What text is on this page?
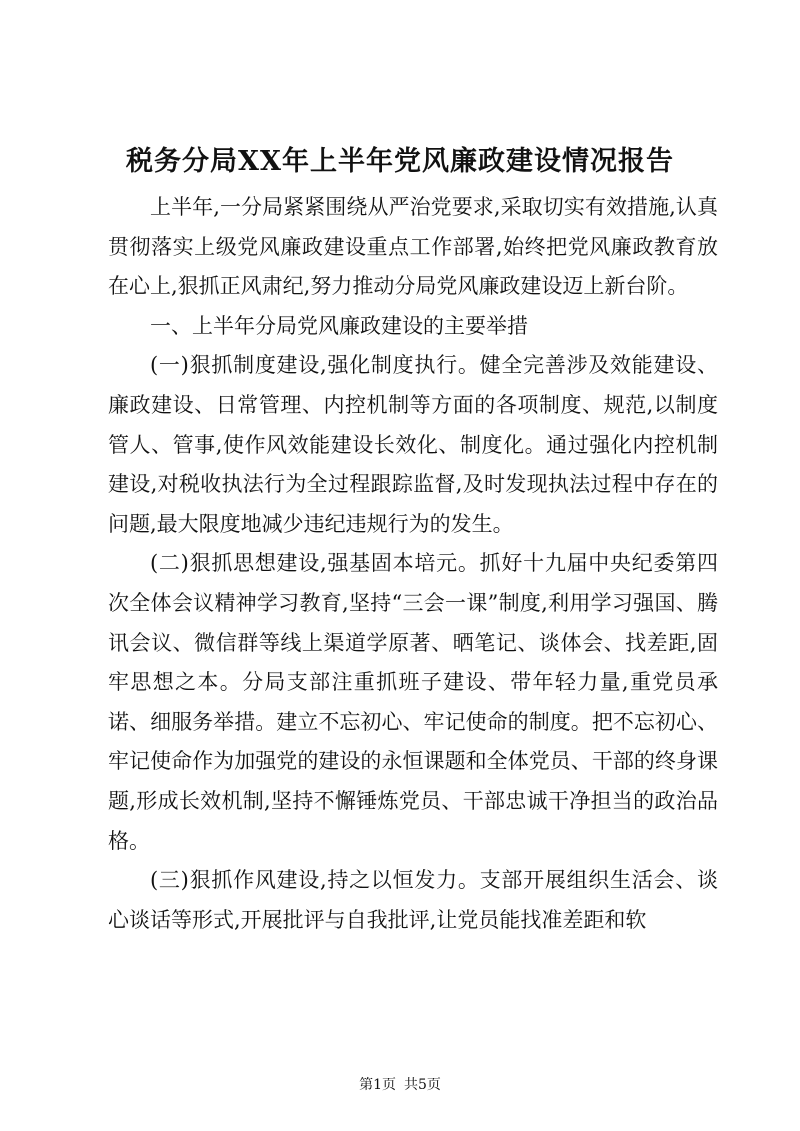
税务分局XX年上半年党风廉政建设情况报告

上半年,一分局紧紧围绕从严治党要求,采取切实有效措施,认真贯彻落实上级党风廉政建设重点工作部署,始终把党风廉政教育放在心上,狠抓正风肃纪,努力推动分局党风廉政建设迈上新台阶。

一、上半年分局党风廉政建设的主要举措

(一)狠抓制度建设,强化制度执行。健全完善涉及效能建设、廉政建设、日常管理、内控机制等方面的各项制度、规范,以制度管人、管事,使作风效能建设长效化、制度化。通过强化内控机制建设,对税收执法行为全过程跟踪监督,及时发现执法过程中存在的问题,最大限度地减少违纪违规行为的发生。

(二)狠抓思想建设,强基固本培元。抓好十九届中央纪委第四次全体会议精神学习教育,坚持“三会一课”制度,利用学习强国、腾讯会议、微信群等线上渠道学原著、晒笔记、谈体会、找差距,固牢思想之本。分局支部注重抓班子建设、带年轻力量,重党员承诺、细服务举措。建立不忘初心、牢记使命的制度。把不忘初心、牢记使命作为加强党的建设的永恒课题和全体党员、干部的终身课题,形成长效机制,坚持不懈锤炼党员、干部忠诚干净担当的政治品格。

(三)狠抓作风建设,持之以恒发力。支部开展组织生活会、谈心谈话等形式,开展批评与自我批评,让党员能找准差距和软

第1页 共5页
